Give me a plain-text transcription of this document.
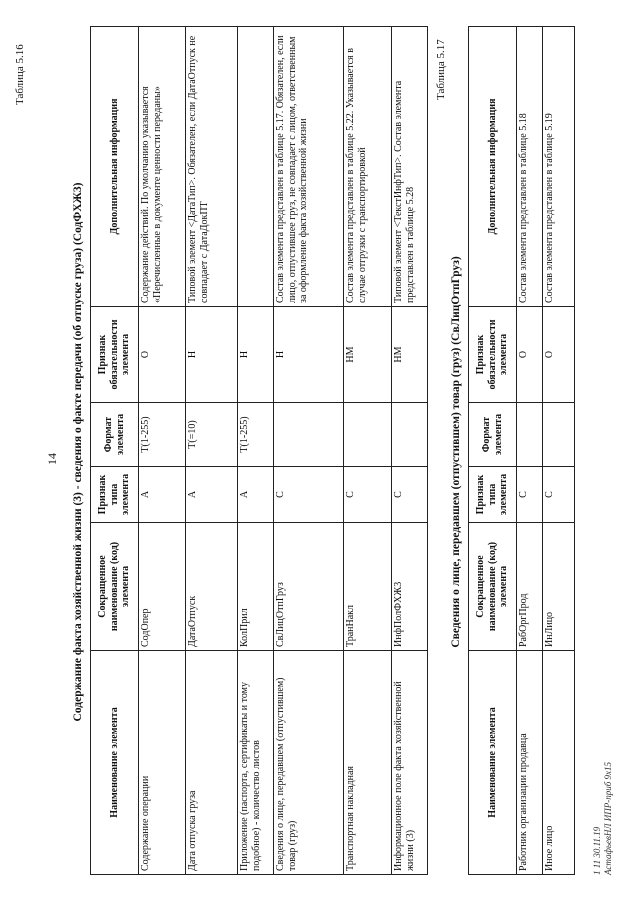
14
Таблица 5.16
Содержание факта хозяйственной жизни (3) - сведения о факте передачи (об отпуске груза) (СодФХЖ3)
Наименование элемента	Сокращенное наименование (код) элемента	Признак типа элемента	Формат элемента	Признак обязательности элемента	Дополнительная информация
Содержание операции	СодОпер	А	T(1-255)	О	Содержание действий. По умолчанию указывается «Перечисленные в документе ценности переданы»
Дата отпуска груза	ДатаОтпуск	А	T(=10)	Н	Типовой элемент <ДатаТип>. Обязателен, если ДатаОтпуск не совпадает с ДатаДокПТ
Приложение (паспорта, сертификаты и тому подобное) - количество листов	КолПрил	А	T(1-255)	Н	
Сведения о лице, передавшем (отпустившем) товар (груз)	СвЛицОтпГруз	С		Н	Состав элемента представлен в таблице 5.17. Обязателен, если лицо, отпустившее груз, не совпадает с лицом, ответственным за оформление факта хозяйственной жизни
Транспортная накладная	ТранНакл	С		НМ	Состав элемента представлен в таблице 5.22. Указывается в случае отгрузки с транспортировкой
Информационное поле факта хозяйственной жизни (3)	ИнфПолФХЖ3	С		НМ	Типовой элемент <ТекстИнфТип>. Состав элемента представлен в таблице 5.28
Таблица 5.17
Сведения о лице, передавшем (отпустившем) товар (груз) (СвЛицОтпГруз)
Наименование элемента	Сокращенное наименование (код) элемента	Признак типа элемента	Формат элемента	Признак обязательности элемента	Дополнительная информация
Работник организации продавца	РабОргПрод	С		О	Состав элемента представлен в таблице 5.18
Иное лицо	ИнЛицо	С		О	Состав элемента представлен в таблице 5.19
1 11 30.11.19 АстафьевНЛ ИПР-приб 9х15
